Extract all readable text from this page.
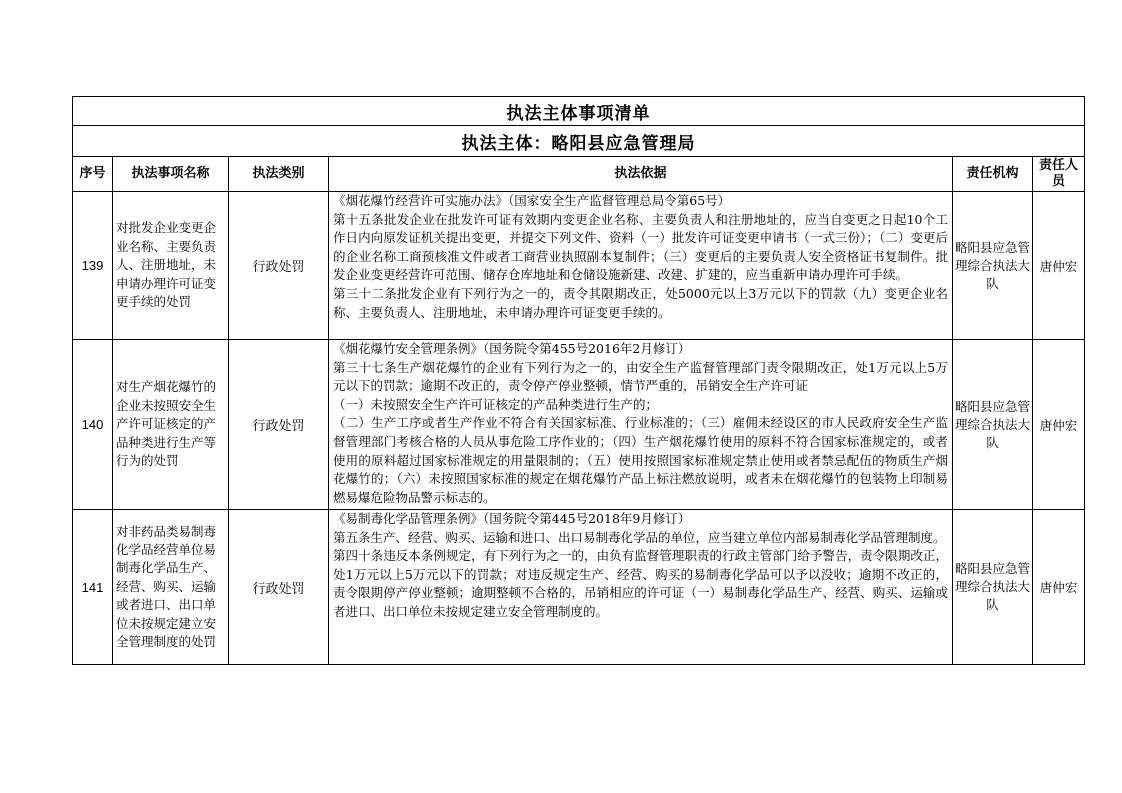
执法主体事项清单					
执法主体：略阳县应急管理局					
序号	执法事项名称	执法类别	执法依据	责任机构	责任人
员
139	对批发企业变更企业名称、主要负责人、注册地址，未申请办理许可证变更手续的处罚	行政处罚	《烟花爆竹经营许可实施办法》（国家安全生产监督管理总局令第65号）
第十五条批发企业在批发许可证有效期内变更企业名称、主要负责人和注册地址的，应当自变更之日起10个工作日内向原发证机关提出变更，并提交下列文件、资料（一）批发许可证变更申请书（一式三份）；（二）变更后的企业名称工商预核准文件或者工商营业执照副本复制件；（三）变更后的主要负责人安全资格证书复制件。批发企业变更经营许可范围、储存仓库地址和仓储设施新建、改建、扩建的，应当重新申请办理许可手续。
第三十二条批发企业有下列行为之一的，责令其限期改正，处5000元以上3万元以下的罚款（九）变更企业名称、主要负责人、注册地址，未申请办理许可证变更手续的。	略阳县应急管理综合执法大队	唐仲宏
140	对生产烟花爆竹的企业未按照安全生产许可证核定的产品种类进行生产等行为的处罚	行政处罚	《烟花爆竹安全管理条例》（国务院令第455号2016年2月修订）
第三十七条生产烟花爆竹的企业有下列行为之一的，由安全生产监督管理部门责令限期改正，处1万元以上5万元以下的罚款；逾期不改正的，责令停产停业整顿，情节严重的，吊销安全生产许可证
（一）未按照安全生产许可证核定的产品种类进行生产的；
（二）生产工序或者生产作业不符合有关国家标准、行业标准的；（三）雇佣未经设区的市人民政府安全生产监督管理部门考核合格的人员从事危险工序作业的；（四）生产烟花爆竹使用的原料不符合国家标准规定的，或者使用的原料超过国家标准规定的用量限制的；（五）使用按照国家标准规定禁止使用或者禁忌配伍的物质生产烟花爆竹的；（六）未按照国家标准的规定在烟花爆竹产品上标注燃放说明，或者未在烟花爆竹的包装物上印制易燃易爆危险物品警示标志的。	略阳县应急管理综合执法大队	唐仲宏
141	对非药品类易制毒化学品经营单位易制毒化学品生产、经营、购买、运输或者进口、出口单位未按规定建立安全管理制度的处罚	行政处罚	《易制毒化学品管理条例》（国务院令第445号2018年9月修订）
第五条生产、经营、购买、运输和进口、出口易制毒化学品的单位，应当建立单位内部易制毒化学品管理制度。
第四十条违反本条例规定，有下列行为之一的，由负有监督管理职责的行政主管部门给予警告，责令限期改正，处1万元以上5万元以下的罚款；对违反规定生产、经营、购买的易制毒化学品可以予以没收；逾期不改正的，责令限期停产停业整顿；逾期整顿不合格的，吊销相应的许可证（一）易制毒化学品生产、经营、购买、运输或者进口、出口单位未按规定建立安全管理制度的。	略阳县应急管理综合执法大队	唐仲宏
